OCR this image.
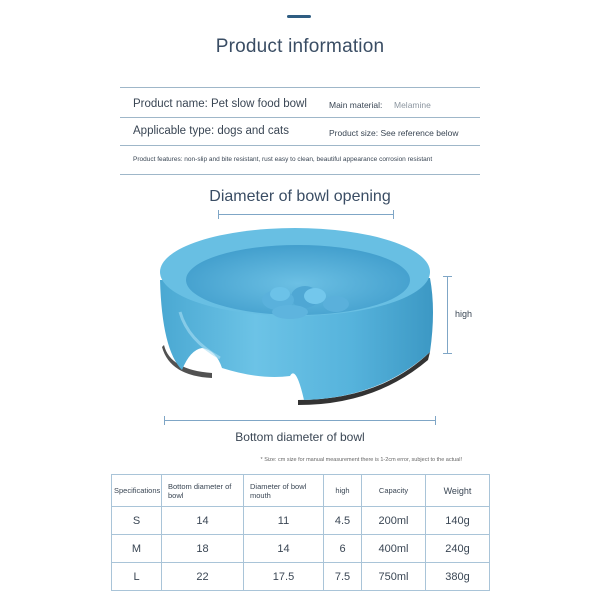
Product information
Product name: Pet slow food bowl	Main material: Melamine
Applicable type: dogs and cats	Product size: See reference below
Product features: non-slip and bite resistant, rust easy to clean, beautiful appearance corrosion resistant
Diameter of bowl opening
high
Bottom diameter of bowl
* Size: cm size for manual measurement there is 1-2cm error, subject to the actual!
Specifications	Bottom diameter of bowl	Diameter of bowl mouth	high	Capacity	Weight
S	14	11	4.5	200ml	140g
M	18	14	6	400ml	240g
L	22	17.5	7.5	750ml	380g
